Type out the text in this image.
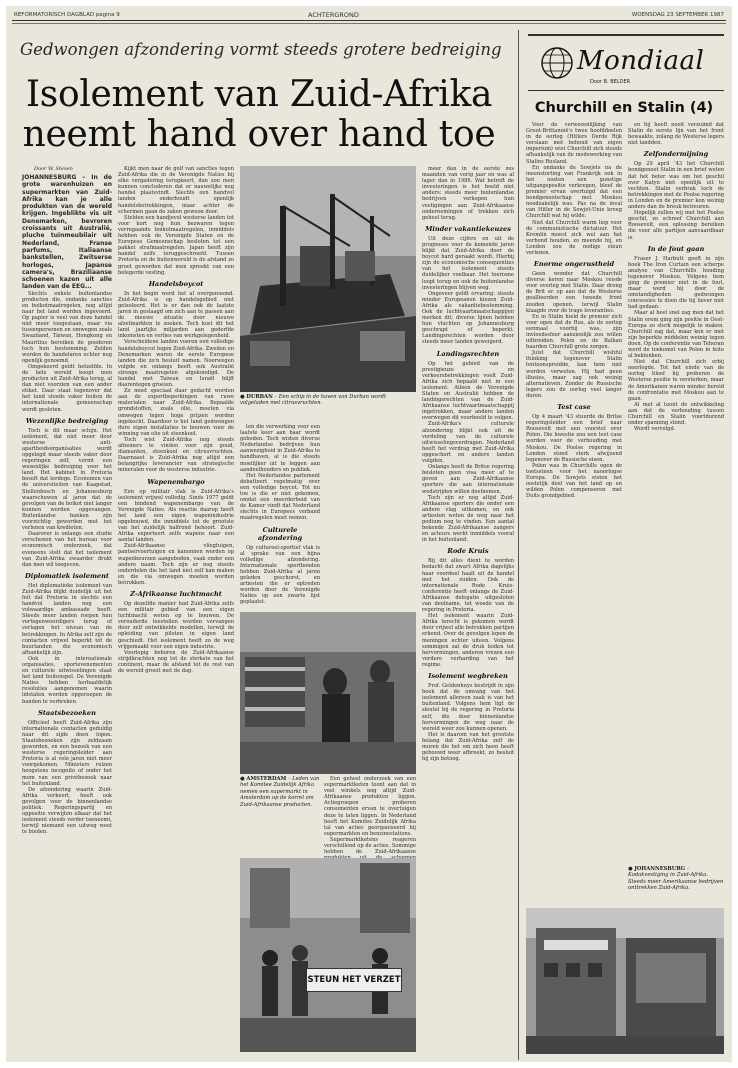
REFORMATORISCH DAGBLAD pagina 9	ACHTERGROND	WOENSDAG 23 SEPTEMBER 1987
Gedwongen afzondering vormt steeds grotere bedreiging
Isolement van Zuid-Afrika
neemt hand over hand toe
Door W. Steven
Mondiaal
Door B. BELDER
Churchill en Stalin (4)

JOHANNESBURG – In de grote warenhuizen en supermarkten van Zuid-Afrika kan je alle produkten van de wereld krijgen. Ingeblikte vis uit Denemarken, bevroren croissants uit Australië, pluche tuinmeubilair uit Nederland, Franse parfums, Italiaanse bankstellen, Zwitserse horloges, Japanse camera's, Braziliaanse schoenen kazen uit alle landen van de EEG...

Slechts enkele buitenlandse producten die, ondanks sancties en boikotmaatregelen, nog altijd naar het land worden ingevoerd. Op papier is veel van deze handel niet meer toegestaan, maar via tussenpersonen en omwegen zoals Swaziland, Taiwan, Hongkong en Mauritius bereiken de goederen toch hun bestemming. Zelden worden de handelaren echter nog openlijk genoemd.

Omgekeerd geldt hetzelfde. In de hele wereld koopt men producten uit Zuid-Afrika terug, al dan niet voorzien van een ander etiket. Daar staat tegenover dat het land steeds vaker buiten de internationale gemeenschap wordt gesloten.

Wezenlijke bedreiging

Toch is dit maar schijn. Het isolement, dat niet meer door westerse anti-apartheidsorganisaties wordt opgelegd maar steeds vaker door regeringen zelf, vormt een wezenlijke bedreiging voor het land. Het kabinet in Pretoria beseft dat terdege. Economen van de universiteiten van Kaapstad, Stellenbosch en Johannesburg waarschuwen al jaren dat de gevolgen van de boikot niet langer kunnen worden opgevangen. Buitenlandse banken zijn voorzichtig geworden met het verlenen van kredieten.

Daarover is onlangs een studie verschenen van het bureau voor economisch onderzoek, dat eveneens stelt dat het isolement van Zuid-Afrika zwaarder drukt dan men wil toegeven.

Diplomatiek isolement

Het diplomatieke isolement van Zuid-Afrika blijkt duidelijk uit het feit dat Pretoria in slechts een handvol landen nog een volwaardige ambassade heeft. Steeds meer landen roepen hun vertegenwoordigers terug of verlagen het niveau van de betrekkingen. In Afrika zelf zijn de contacten vrijwel beperkt tot de buurlanden die economisch afhankelijk zijn.

Ook in internationale organisaties, sportevenementen en culturele uitwisselingen staat het land buitenspel. De Verenigde Naties hebben herhaaldelijk resoluties aangenomen waarin lidstaten worden opgeroepen de banden te verbreken.

Staatsbezoeken

Officieel heeft Zuid-Afrika zijn internationale contacten geduldig naar dit zijde doen lopen. Staatsbezoeken zijn zeldzaam geworden, en een bezoek van een westerse regeringsleider aan Pretoria is al vele jaren niet meer voorgekomen. Ministers reizen hoogstens incognito of onder het mom van een privébezoek naar het buitenland.

De afzondering waarin Zuid-Afrika verkeert, heeft ook gevolgen voor de binnenlandse politiek. Regeringspartij en oppositie verwijten elkaar dat het isolement steeds verder toeneemt, terwijl niemand een uitweg weet te bieden.

Kijkt men naar de golf van sancties tegen Zuid-Afrika die in de Verenigde Naties bij elke vergadering terugkeert, dan zou men kunnen concluderen dat er nauwelijks nog handel plaatsvindt. Slechts een handvol landen onderhoudt openlijk handelsbetrekkingen, maar achter de schermen gaan de zaken gewoon door.

Stelden een handjevol westerse landen tot voor kort nog hun bezwaren tegen verregaande boikotmaatregelen, inmiddels hebben ook de Verenigde Staten en de Europese Gemeenschap besloten tot een pakket strafmaatregelen. Japan heeft zijn handel zelfs teruggeschroefd. Tussen Pretoria en de buitenwereld is de afstand zo groot geworden dat men spreekt van een belegerde vesting.

Handelsboycot

In het begin werd het al overgenoemd. Zuid-Afrika is op handelsgebied niet geïsoleerd. Het is er dan ook de laatste jaren in geslaagd om zich aan te passen aan de nieuwe situatie door nieuwe afzetmarkten te zoeken. Toch kost dit het land jaarlijks miljarden aan gederfde inkomsten en verlies van werkgelegenheid.

Verscheidene landen voeren een volledige handelsboycot tegen Zuid-Afrika. Zweden en Denemarken waren de eerste Europese landen die zo'n besluit namen. Noorwegen volgde en onlangs heeft ook Australië strenge maatregelen afgekondigd. De handel met Taiwan en Israël blijft daarentegen groeien.

Zo moet speciaal daar gedacht worden aan de exportbeperkingen van ruwe materialen naar Zuid-Afrika. Bepaalde grondstoffen, zoals olie, moeten via omwegen tegen hoge prijzen worden ingekocht. Daardoor is het land gedwongen dure eigen installaties te bouwen voor de winning van olie uit steenkool.

Toch wist Zuid-Afrika nog steeds afnemers te vinden voor zijn goud, diamanten, steenkool en citrusvruchten. Daarnaast is Zuid-Afrika nog altijd een belangrijke leverancier van strategische mineralen voor de westerse industrie.

Wapenembargo

Een op militair vlak is Zuid-Afrika's isolement vrijwel volledig. Sinds 1977 geldt een bindend wapenembargo van de Verenigde Naties. Als reactie daarop heeft het land een eigen wapenindustrie opgebouwd, die inmiddels tot de grootste van het zuidelijk halfrond behoort. Zuid-Afrika exporteert zelfs wapens naar een aantal landen.

Zuid-Afrikaanse vliegtuigen, pantservoertuigen en kanonnen worden op wapenbeurzen aangeboden, vaak onder een andere naam. Toch zijn er nog steeds onderdelen die het land niet zelf kan maken en die via omwegen moeten worden betrokken.

Z-Afrikaanse luchtmacht

Op dezelfde manier had Zuid-Afrika zelfs een militair gebied van een eigen luchtmacht weten op te bouwen. De verouderde toestellen worden vervangen door zelf ontwikkelde modellen, terwijl de opleiding van piloten in eigen land geschiedt. Het isolement heeft zo de weg vrijgemaakt voor een eigen industrie.

Voorlopig behoren de Zuid-Afrikaanse strijdkrachten nog tot de sterkste van het continent, maar de afstand tot de rest van de wereld groeit met de dag.

● DURBAN – Een schip in de haven van Durban wordt volgeladen met citrusvruchten.

ten die verwerking voor een laatste keer aan haar wordt geboden. Toch wisten diverse Nederlandse bedrijven hun aanwezigheid in Zuid-Afrika te handhaven, al is die steeds moeilijker uit te leggen aan aandeelhouders en publiek.

Het Nederlandse parlement debatteert regelmatig over een volledige boycot. Tot nu toe is die er niet gekomen, omdat een meerderheid van de Kamer vindt dat Nederland slechts in Europees verband maatregelen moet nemen.

Culturele afzondering

Op cultureel-sportief vlak is al sprake van een bijna volledige afzondering. Internationale sportbonden hebben Zuid-Afrika al jaren geleden geschorst, en artiesten die er optreden worden door de Verenigde Naties op een zwarte lijst geplaatst.

● AMSTERDAM – Leden van het Komitee Zuidelijk Afrika nemen een supermarkt in Amsterdam op de korrel om Zuid-Afrikaanse producten.

Een geheel onderzoek van een supermarktketen toont aan dat in veel winkels nog altijd Zuid-Afrikaanse produkten liggen. Actiegroepen proberen consumenten ervan te overtuigen deze te laten liggen. In Nederland heeft het Komitee Zuidelijk Afrika tal van acties georganiseerd bij supermarkten en benzinestations.

Supermarktketens reageren verschillend op de acties. Sommige hebben de Zuid-Afrikaanse

STEUN HET VERZET

meer dan in de eerste zes maanden van vorig jaar en was al lager dan in 1986. Wat betreft de investeringen is het beeld niet anders: steeds meer buitenlandse bedrijven verkopen hun vestigingen aan Zuid-Afrikaanse ondernemingen of trekken zich geheel terug.

Minder vakantiekeuzes

Uit deze cijfers en uit de prognoses voor de komende jaren blijkt dat Zuid-Afrika door de boycot hard geraakt wordt. Hierbij zijn de economische consequenties van het isolement steeds duidelijker voelbaar. Het toerisme loopt terug en ook de buitenlandse investeringen blijven weg.

Ongeveer geldt ervaring: steeds minder Europeanen kiezen Zuid-Afrika als vakantiebestemming. Ook de luchtvaartmaatschappijen merken dit; diverse lijnen hebben hun vluchten op Johannesburg geschrapt of beperkt. Landingsrechten worden door steeds meer landen geweigerd.

Landingsrechten

Op het gebied van de prestigieuze en verkeersbetrekkingen voelt Zuid-Afrika zich bepaald niet in een isolement. Alleen de Verenigde Staten en Australië hebben de landingsrechten van de Zuid-Afrikaanse luchtvaartmaatschappij ingetrokken, maar andere landen overwegen dit voorbeeld te volgen.

Zuid-Afrika's culturele afzondering blijkt ook uit de verdeling van de culturele uitwisselingsverdragen. Nederland heeft het verdrag met Zuid-Afrika opgeschort en andere landen volgden.

Onlangs heeft de Britse regering besloten geen visa meer af te geven aan Zuid-Afrikaanse sporters die aan internationale wedstrijden willen deelnemen.

Toch zijn er nog altijd Zuid-Afrikaanse sporters die onder een andere vlag uitkomen, en ook artiesten weten de weg naar het podium nog te vinden. Een aantal bekende Zuid-Afrikaanse zangers en acteurs werkt inmiddels vooral in het buitenland.

Rode Kruis

Bij dit alles dient te worden bedacht dat zwart Afrika dagelijks haar voordeel haalt uit de handel met het zuiden. Ook de internationale Rode Kruis-conferentie heeft onlangs de Zuid-Afrikaanse delegatie uitgesloten van deelname, tot woede van de regering in Pretoria.

Het isolement waarin Zuid-Afrika terecht is gekomen wordt door vrijwel alle betrokken partijen erkend. Over de gevolgen lopen de meningen echter uiteen. Volgens sommigen zal de druk leiden tot hervormingen, anderen vrezen een verdere verharding van het regime.

Isolement wegbreken

Prof. Geldenhuys bestrijdt in zijn boek dat de omvang van het isolement allereen zaak is van het buitenland. Volgens hem ligt de sleutel bij de regering in Pretoria zelf, die door binnenlandse hervormingen de weg naar de wereld weer zou kunnen openen.

Het is daarom van het grootste belang dat Zuid-Afrika zelf de muren die het om zich heen heeft gebouwd weer afbreekt, zo besluit hij zijn betoog.

Voor de verwezenlijking van Groot-Brittannië's twee hoofddoelen in de oorlog (Hitlers Derde Rijk verslaan met behoud van eigen imperium) wist Churchill zich steeds afhankelijk van de medewerking van Stalins Rusland.

En ondanks de Sowjets na de ineenstorting van Frankrijk ook in het oosten een gunstige uitgangspositie verkregen, bleef de premier ervan overtuigd dat een bondgenootschap met Moskou noodzakelijk was. Pas na de inval van Hitler in de Sowjet-Unie kreeg Churchill wat hij wilde.

Niet dat Churchill warm liep voor de communistische dictatuur. Het Kremlin moest zich wel aan het verbond houden, zo meende hij, en Londen zou de nodige steun verlenen.

Enorme ongerustheid

Geen wonder dat Churchill diverse keren naar Moskou reisde voor overleg met Stalin. Daar drong de Brit er op aan dat de Westerse geallieerden een tweede front zouden openen, terwijl Stalin klaagde over de trage leveranties.

En in Stalin hield de premier zich voor ogen dat de Rus, als de oorlog eenmaal voorbij was, zijn invloedssfeer aanzienlijk zou willen uitbreiden. Polen en de Balkan baarden Churchill grote zorgen.

Juist dat Churchill wishful thinking tegenover Stalin tentoonspreidde, kan hem niet worden verweten. Hij had geen illusies, maar zag ook weinig alternatieven. Zonder de Russische legers zou de oorlog veel langer duren.

Test case

Op 4 maart '43 stuurde de Britse regeringsleider een brief naar Roosevelt met een voorstel over Polen. Die kwestie zou een test case worden voor de verhouding met Moskou. De Poolse regering in Londen stond sterk afwijzend tegenover de Russische eisen.

Polen was in Churchills ogen de toetssteen voor het naoorlogse Europa. De Sowjets eisten het oostelijk deel van het land op en wilden Polen compenseren met Duits grondgebied.

en hij heeft nooit verzuimd dat Stalin de eerste lijn van het front bewaakte, zolang de Westerse legers niet landden.

Zelfondermijning

Op 29 april '43 liet Churchill bondgenoot Stalin in een brief weten dat het beter was om het geschil over Katyn niet openlijk uit te vechten. Stalin verbrak toch de betrekkingen met de Poolse regering in Londen en de premier kon weinig anders dan de breuk betreuren.

Hopelijk zullen wij met het Poolse geschil, zo schreef Churchill aan Roosevelt, een oplossing bereiken die voor alle partijen aanvaardbaar is.

In de fout gaan

Fraser J. Harbutt geeft in zijn boek The Iron Curtain een scherpe analyse van Churchills houding tegenover Moskou. Volgens hem ging de premier niet in de fout, maar werd hij door de omstandigheden gedwongen concessies te doen die hij liever niet had gedaan.

Maar al heel snel zag men dat het Stalin erom ging zijn positie in Oost-Europa zo sterk mogelijk te maken. Churchill zag dat, maar kon er met zijn beperkte middelen weinig tegen doen. Op de conferentie van Teheran werd de toekomst van Polen in feite al beklonken.

Niet dat Churchill zich erbij neerlegde. Tot het einde van de oorlog bleef hij proberen de Westerse positie te versterken, maar de Amerikanen waren minder bereid de confrontatie met Moskou aan te gaan.

Al met al toont de ontwikkeling aan dat de verhouding tussen Churchill en Stalin voortdurend onder spanning stond.

Wordt vervolgd.

● JOHANNESBURG – Kodakvestiging in Zuid-Afrika. Steeds meer Amerikaanse bedrijven onttrekken Zuid-Afrika.
